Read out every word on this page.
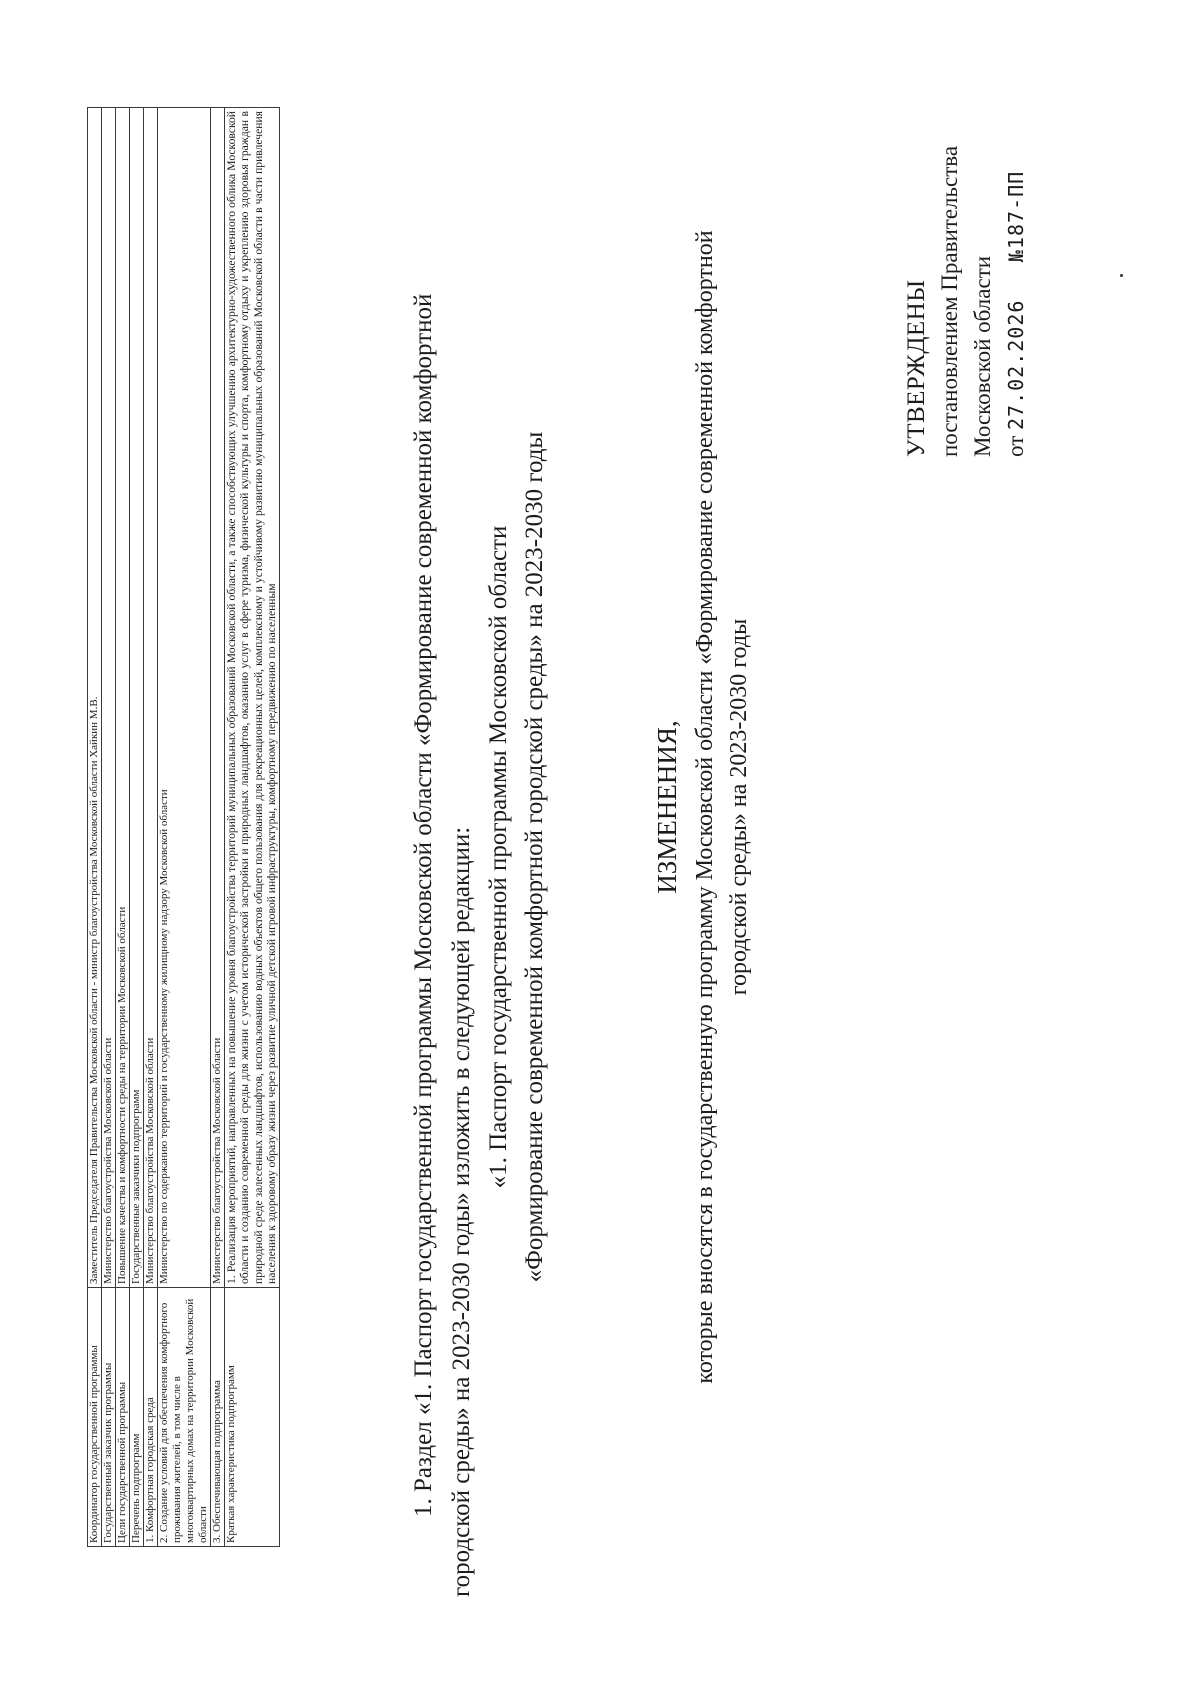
УТВЕРЖДЕНЫ постановлением Правительства Московской области от 27.02.2026  №187-ПП
ИЗМЕНЕНИЯ, которые вносятся в государственную программу Московской области «Формирование современной комфортной городской среды» на 2023-2030 годы
1. Раздел «1. Паспорт государственной программы Московской области «Формирование современной комфортной городской среды» на 2023-2030 годы» изложить в следующей редакции: «1. Паспорт государственной программы Московской области «Формирование современной комфортной городской среды» на 2023-2030 годы
Координатор государственной программы	Заместитель Председателя Правительства Московской области - министр благоустройства Московской области Хайкин М.В.
Государственный заказчик программы	Министерство благоустройства Московской области
Цели государственной программы	Повышение качества и комфортности среды на территории Московской области
Перечень подпрограмм	Государственные заказчики подпрограмм
1. Комфортная городская среда	Министерство благоустройства Московской области
2. Создание условий для обеспечения комфортного проживания жителей, в том числе в многоквартирных домах на территории Московской области	Министерство по содержанию территорий и государственному жилищному надзору Московской области
3. Обеспечивающая подпрограмма	Министерство благоустройства Московской области
Краткая характеристика подпрограмм	1. Реализация мероприятий, направленных на повышение уровня благоустройства территорий муниципальных образований Московской области, а также способствующих улучшению архитектурно-художественного облика Московской области и созданию современной среды для жизни с учетом исторической застройки и природных ландшафтов, оказанию услуг в сфере туризма, физической культуры и спорта, комфортному отдыху и укреплению здоровья граждан в природной среде залесенных ландшафтов, использованию водных объектов общего пользования для рекреационных целей, комплексному и устойчивому развитию муниципальных образований Московской области в части привлечения населения к здоровому образу жизни через развитие уличной детской игровой инфраструктуры, комфортному передвижению по населенным
